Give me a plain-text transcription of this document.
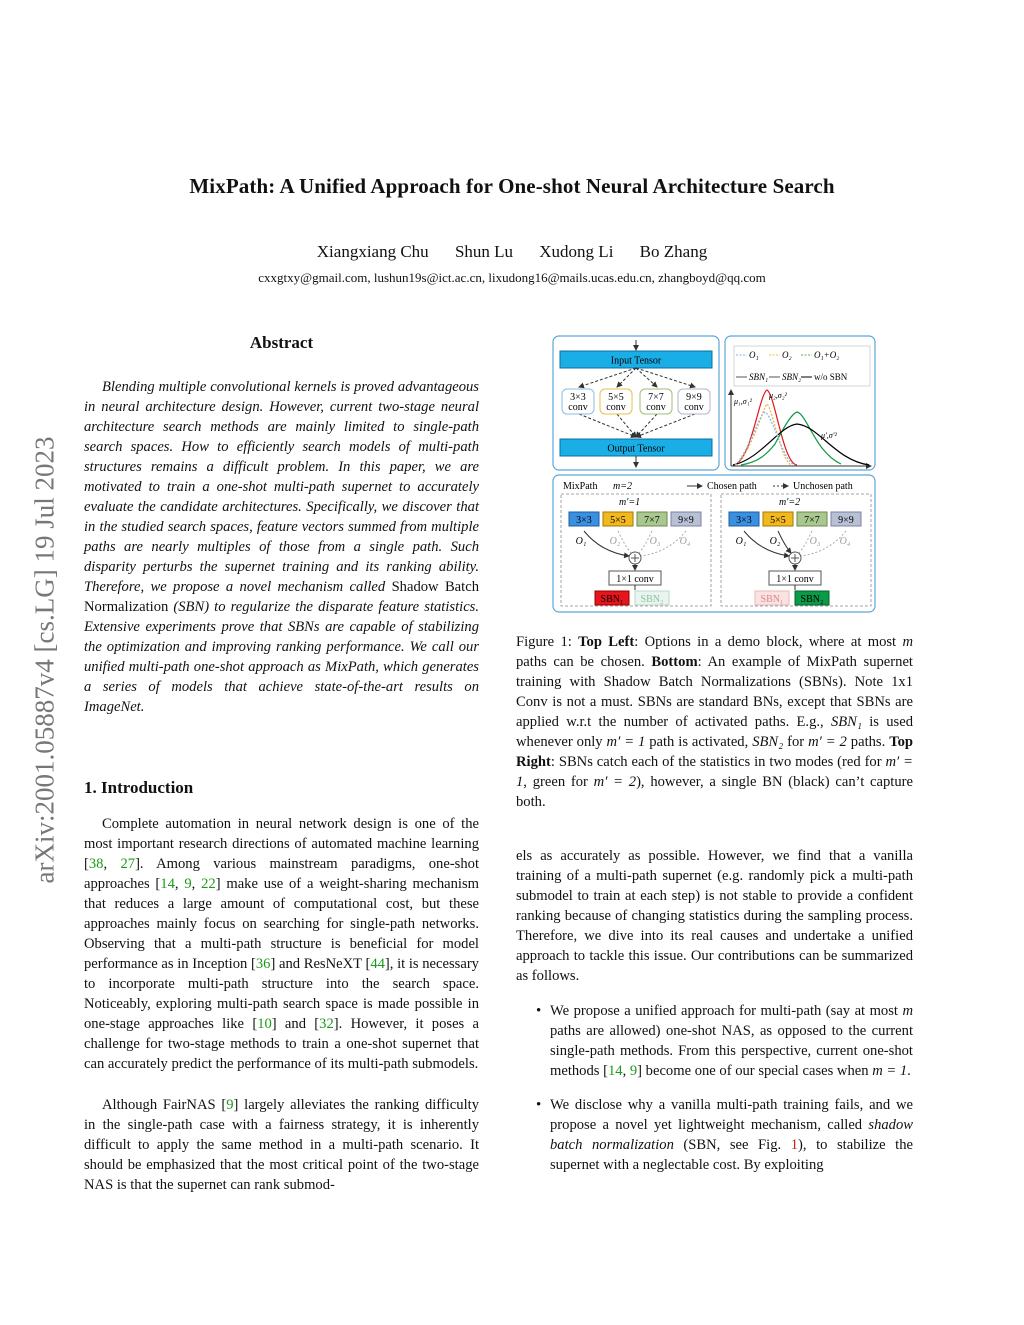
MixPath: A Unified Approach for One-shot Neural Architecture Search
Xiangxiang Chu Shun Lu Xudong Li Bo Zhang
cxxgtxy@gmail.com, lushun19s@ict.ac.cn, lixudong16@mails.ucas.edu.cn, zhangboyd@qq.com
arXiv:2001.05887v4 [cs.LG] 19 Jul 2023
Abstract

Blending multiple convolutional kernels is proved advantageous in neural architecture design. However, current two-stage neural architecture search methods are mainly limited to single-path search spaces. How to efficiently search models of multi-path structures remains a difficult problem. In this paper, we are motivated to train a one-shot multi-path supernet to accurately evaluate the candidate architectures. Specifically, we discover that in the studied search spaces, feature vectors summed from multiple paths are nearly multiples of those from a single path. Such disparity perturbs the supernet training and its ranking ability. Therefore, we propose a novel mechanism called Shadow Batch Normalization (SBN) to regularize the disparate feature statistics. Extensive experiments prove that SBNs are capable of stabilizing the optimization and improving ranking performance. We call our unified multi-path one-shot approach as MixPath, which generates a series of models that achieve state-of-the-art results on ImageNet.

1. Introduction

Complete automation in neural network design is one of the most important research directions of automated machine learning [38, 27]. Among various mainstream paradigms, one-shot approaches [14, 9, 22] make use of a weight-sharing mechanism that reduces a large amount of computational cost, but these approaches mainly focus on searching for single-path networks. Observing that a multi-path structure is beneficial for model performance as in Inception [36] and ResNeXT [44], it is necessary to incorporate multi-path structure into the search space. Noticeably, exploring multi-path search space is made possible in one-stage approaches like [10] and [32]. However, it poses a challenge for two-stage methods to train a one-shot supernet that can accurately predict the performance of its multi-path submodels.

Although FairNAS [9] largely alleviates the ranking difficulty in the single-path case with a fairness strategy, it is inherently difficult to apply the same method in a multi-path scenario. It should be emphasized that the most critical point of the two-stage NAS is that the supernet can rank submod-

Input Tensor
3×3
conv
5×5
conv
7×7
conv
9×9
conv
Output Tensor
O₁	O₂ O₁+O₂
SBN₁ SBN₂ w/o SBN
μ₁,σ₁²
μ₂,σ₂²
μ′,σ′²
MixPath m=2	Chosen path	Unchosen path
m′=1	m′=2
3×3 5×5 7×7 9×9
O₁ O₂	O₃ O₄
1×1 conv
SBN₁ SBN₂
3×3 5×5 7×7 9×9
O₁ O₂	O₃ O₄
1×1 conv
SBN₁ SBN₂

Figure 1: Top Left: Options in a demo block, where at most m paths can be chosen. Bottom: An example of MixPath supernet training with Shadow Batch Normalizations (SBNs). Note 1x1 Conv is not a must. SBNs are standard BNs, except that SBNs are applied w.r.t the number of activated paths. E.g., SBN₁ is used whenever only m′ = 1 path is activated, SBN₂ for m′ = 2 paths. Top Right: SBNs catch each of the statistics in two modes (red for m′ = 1, green for m′ = 2), however, a single BN (black) can’t capture both.

els as accurately as possible. However, we find that a vanilla training of a multi-path supernet (e.g. randomly pick a multi-path submodel to train at each step) is not stable to provide a confident ranking because of changing statistics during the sampling process. Therefore, we dive into its real causes and undertake a unified approach to tackle this issue. Our contributions can be summarized as follows.

• We propose a unified approach for multi-path (say at most m paths are allowed) one-shot NAS, as opposed to the current single-path methods. From this perspective, current one-shot methods [14, 9] become one of our special cases when m = 1.
• We disclose why a vanilla multi-path training fails, and we propose a novel yet lightweight mechanism, called shadow batch normalization (SBN, see Fig. 1), to stabilize the supernet with a neglectable cost. By exploiting
